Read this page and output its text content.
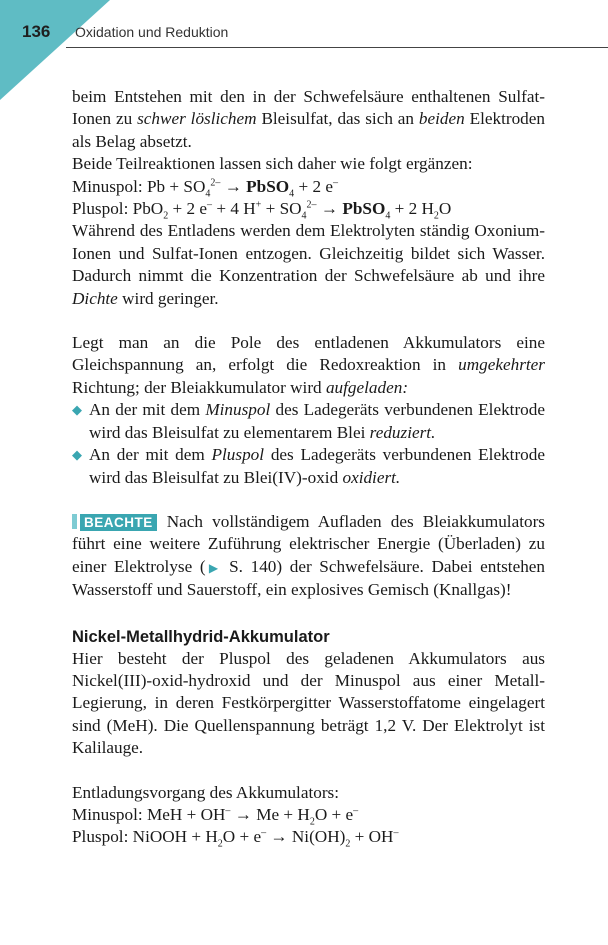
136 Oxidation und Reduktion

beim Entstehen mit den in der Schwefelsäure enthaltenen Sulfat-Ionen zu schwer löslichem Bleisulfat, das sich an beiden Elektroden als Belag absetzt.

Beide Teilreaktionen lassen sich daher wie folgt ergänzen:

Minuspol: $Pb + SO_4^{2-}$ → PbSO$_4$ + 2 e–

Pluspol: PbO$_2$ + 2 e– + 4 $H^+ + SO_4^{2-}$ → PbSO$_4$ + 2 $H_2O$

Während des Entladens werden dem Elektrolyten ständig Oxonium-Ionen und Sulfat-Ionen entzogen. Gleichzeitig bildet sich Wasser. Dadurch nimmt die Konzentration der Schwefelsäure ab und ihre Dichte wird geringer.

Legt man an die Pole des entladenen Akkumulators eine Gleichspannung an, erfolgt die Redoxreaktion in umgekehrter Richtung; der Bleiakkumulator wird aufgeladen:

◆ An der mit dem Minuspol des Ladegeräts verbundenen Elektrode wird das Bleisulfat zu elementarem Blei reduziert.
◆ An der mit dem Pluspol des Ladegeräts verbundenen Elektrode wird das Bleisulfat zu Blei(IV)-oxid oxidiert.

BEACHTE Nach vollständigem Aufladen des Bleiakkumulators führt eine weitere Zuführung elektrischer Energie (Überladen) zu einer Elektrolyse (▶ S. 140) der Schwefelsäure. Dabei entstehen Wasserstoff und Sauerstoff, ein explosives Gemisch (Knallgas)!

Nickel-Metallhydrid-Akkumulator

Hier besteht der Pluspol des geladenen Akkumulators aus Nickel(III)-oxid-hydroxid und der Minuspol aus einer Metall-Legierung, in deren Festkörpergitter Wasserstoffatome eingelagert sind (MeH). Die Quellenspannung beträgt 1,2 V. Der Elektrolyt ist Kalilauge.

Entladungsvorgang des Akkumulators:

Minuspol: MeH + $OH^- \to Me + H_2O + e^-$

Pluspol: NiOOH + $H_2O + e^- \to Ni(OH)_2 + OH^-$
